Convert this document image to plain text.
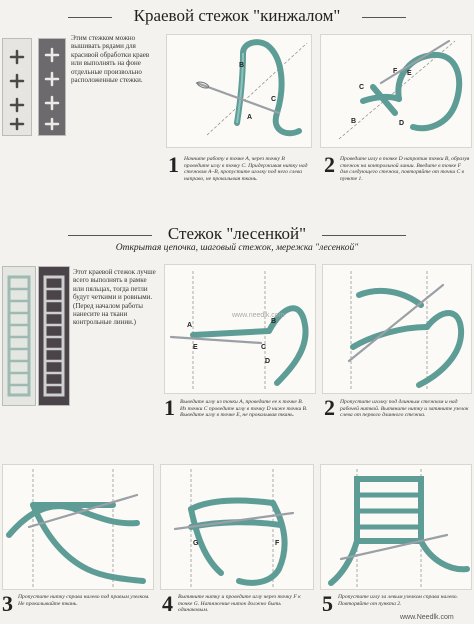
Краевой стежок "кинжалом"
Этим стежком можно вышивать рядами для красивой обработки краев или выполнять на фоне отдельные произвольно расположенные стежки.
B
C
A
1 Начните работу в точке A, через точку B проведите иглу в точку C. Придерживая нитку над стежком A–B, пропустите иголку под него слева направо, не прокалывая ткань.
C
D
B
E
F
2 Проведите иглу в точке D напротив точки B, образуя стежок на контрольной линии. Введите в точке F для следующего стежка, повторяйте от точки C в пункте 1.
Стежок "лесенкой"
Открытая цепочка, шаговый стежок, мережка "лесенкой"
Этот краевой стежок лучше всего выполнять в рамке или пяльцах, тогда петли будут четкими и ровными. (Перед началом работы нанесите на ткани контрольные линии.)
E	C
B
A
D
www.needlk.com
1 Выведите иглу из точки A, проведите ее к точке B. Из точки C проведите иглу в точку D ниже точки B. Выведите иглу в точке E, не прокалывая ткань.	2 Пропустите иголку под длинным стежком и над рабочей ниткой. Вытяните нитку и затяните узелок слева от первого длинного стежка.
3 Пропустите нитку справа налево под правым узелком. Не прокалывайте ткань.
G	F
4 Вытяните нитку и проведите иглу через точку F к точке G. Натяжение ниток должно быть одинаковым.	5 Пропустите иглу за левым узелком справа налево. Повторяйте от пункта 2.
www.Needlk.com
